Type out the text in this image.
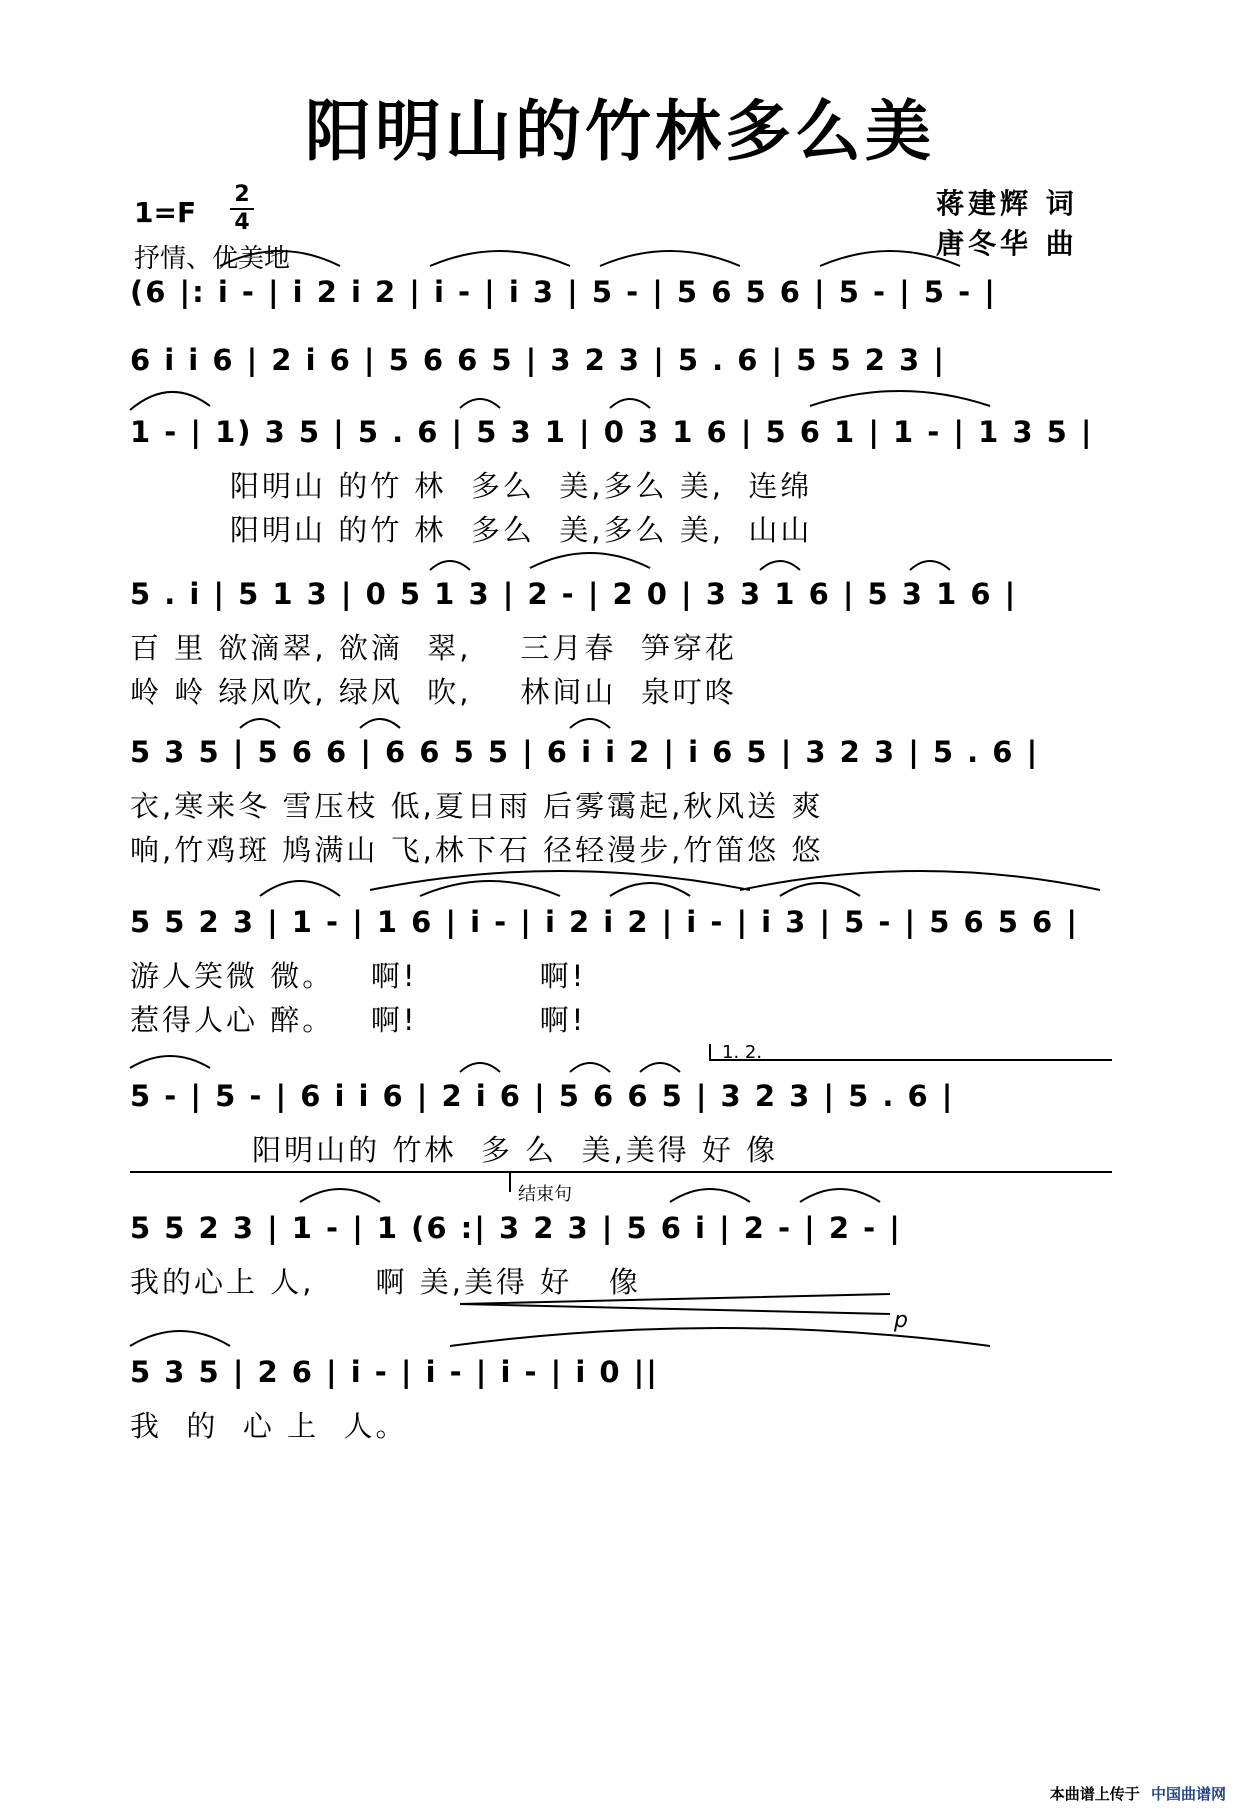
阳明山的竹林多么美
1=F
2
4
抒情、优美地
蒋建辉 词
唐冬华 曲
(6 |: i - | i 2 i 2 | i - | i 3 | 5 - | 5 6 5 6 | 5 - | 5 - |
6 i i 6 | 2 i 6 | 5 6 6 5 | 3 2 3 | 5 . 6 | 5 5 2 3 |
1 - | 1) 3 5 | 5 . 6 | 5 3 1 | 0 3 1 6 | 5 6 1 | 1 - | 1 3 5 |
阳明山 的竹 林  多么  美,多么 美,  连绵
阳明山 的竹 林  多么  美,多么 美,  山山
5 . i | 5 1 3 | 0 5 1 3 | 2 - | 2 0 | 3 3 1 6 | 5 3 1 6 |
百 里 欲滴翠, 欲滴  翠,    三月春  笋穿花
岭 岭 绿风吹, 绿风  吹,    林间山  泉叮咚
5 3 5 | 5 6 6 | 6 6 5 5 | 6 i i 2 | i 6 5 | 3 2 3 | 5 . 6 |
衣,寒来冬 雪压枝 低,夏日雨 后雾霭起,秋风送 爽
响,竹鸡斑 鸠满山 飞,林下石 径轻漫步,竹笛悠 悠
5 5 2 3 | 1 - | 1 6 | i - | i 2 i 2 | i - | i 3 | 5 - | 5 6 5 6 |
游人笑微 微。   啊!          啊!
惹得人心 醉。   啊!          啊!
1. 2.
5 - | 5 - | 6 i i 6 | 2 i 6 | 5 6 6 5 | 3 2 3 | 5 . 6 |
阳明山的 竹林  多 么  美,美得 好 像
结束句
5 5 2 3 | 1 - | 1 (6 :| 3 2 3 | 5 6 i | 2 - | 2 - |
我的心上 人,     啊 美,美得 好   像
p
5 3 5 | 2 6 | i - | i - | i - | i 0 ||
我  的  心 上  人。
本曲谱上传于 中国曲谱网
